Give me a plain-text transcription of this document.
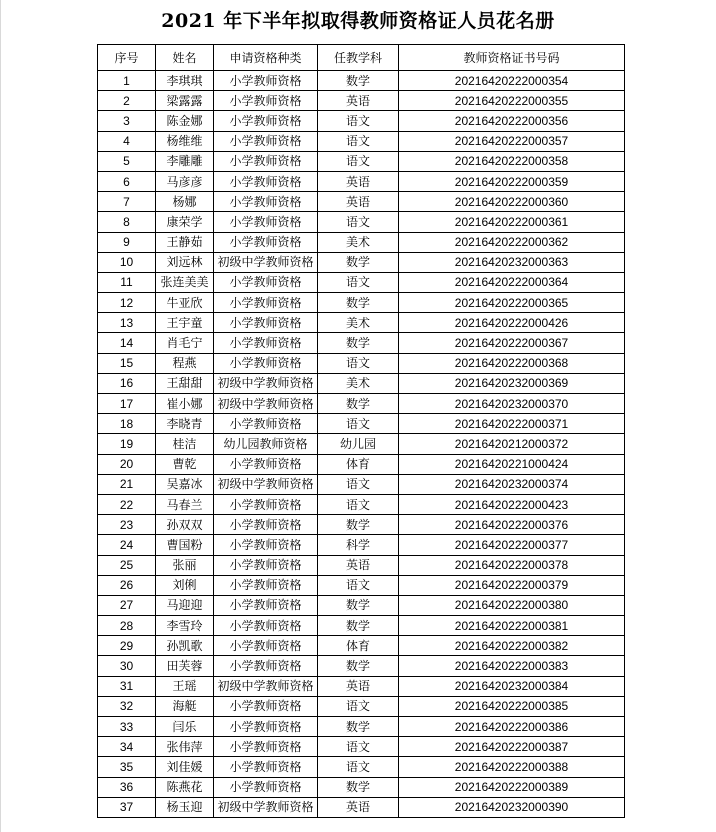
2021 年下半年拟取得教师资格证人员花名册
序号	姓名	申请资格种类	任教学科	教师资格证书号码
1	李琪琪	小学教师资格	数学	20216420222000354
2	梁露露	小学教师资格	英语	20216420222000355
3	陈金娜	小学教师资格	语文	20216420222000356
4	杨维维	小学教师资格	语文	20216420222000357
5	李雕雕	小学教师资格	语文	20216420222000358
6	马彦彦	小学教师资格	英语	20216420222000359
7	杨娜	小学教师资格	英语	20216420222000360
8	康荣学	小学教师资格	语文	20216420222000361
9	王静茹	小学教师资格	美术	20216420222000362
10	刘远林	初级中学教师资格	数学	20216420232000363
11	张连美美	小学教师资格	语文	20216420222000364
12	牛亚欣	小学教师资格	数学	20216420222000365
13	王宇童	小学教师资格	美术	20216420222000426
14	肖毛宁	小学教师资格	数学	20216420222000367
15	程燕	小学教师资格	语文	20216420222000368
16	王甜甜	初级中学教师资格	美术	20216420232000369
17	崔小娜	初级中学教师资格	数学	20216420232000370
18	李晓青	小学教师资格	语文	20216420222000371
19	桂洁	幼儿园教师资格	幼儿园	20216420212000372
20	曹乾	小学教师资格	体育	20216420221000424
21	吴嘉冰	初级中学教师资格	语文	20216420232000374
22	马春兰	小学教师资格	语文	20216420222000423
23	孙双双	小学教师资格	数学	20216420222000376
24	曹国粉	小学教师资格	科学	20216420222000377
25	张丽	小学教师资格	英语	20216420222000378
26	刘俐	小学教师资格	语文	20216420222000379
27	马迎迎	小学教师资格	数学	20216420222000380
28	李雪玲	小学教师资格	数学	20216420222000381
29	孙凯歌	小学教师资格	体育	20216420222000382
30	田芙蓉	小学教师资格	数学	20216420222000383
31	王瑶	初级中学教师资格	英语	20216420232000384
32	海艇	小学教师资格	语文	20216420222000385
33	闫乐	小学教师资格	数学	20216420222000386
34	张伟萍	小学教师资格	语文	20216420222000387
35	刘佳媛	小学教师资格	语文	20216420222000388
36	陈燕花	小学教师资格	数学	20216420222000389
37	杨玉迎	初级中学教师资格	英语	20216420232000390
